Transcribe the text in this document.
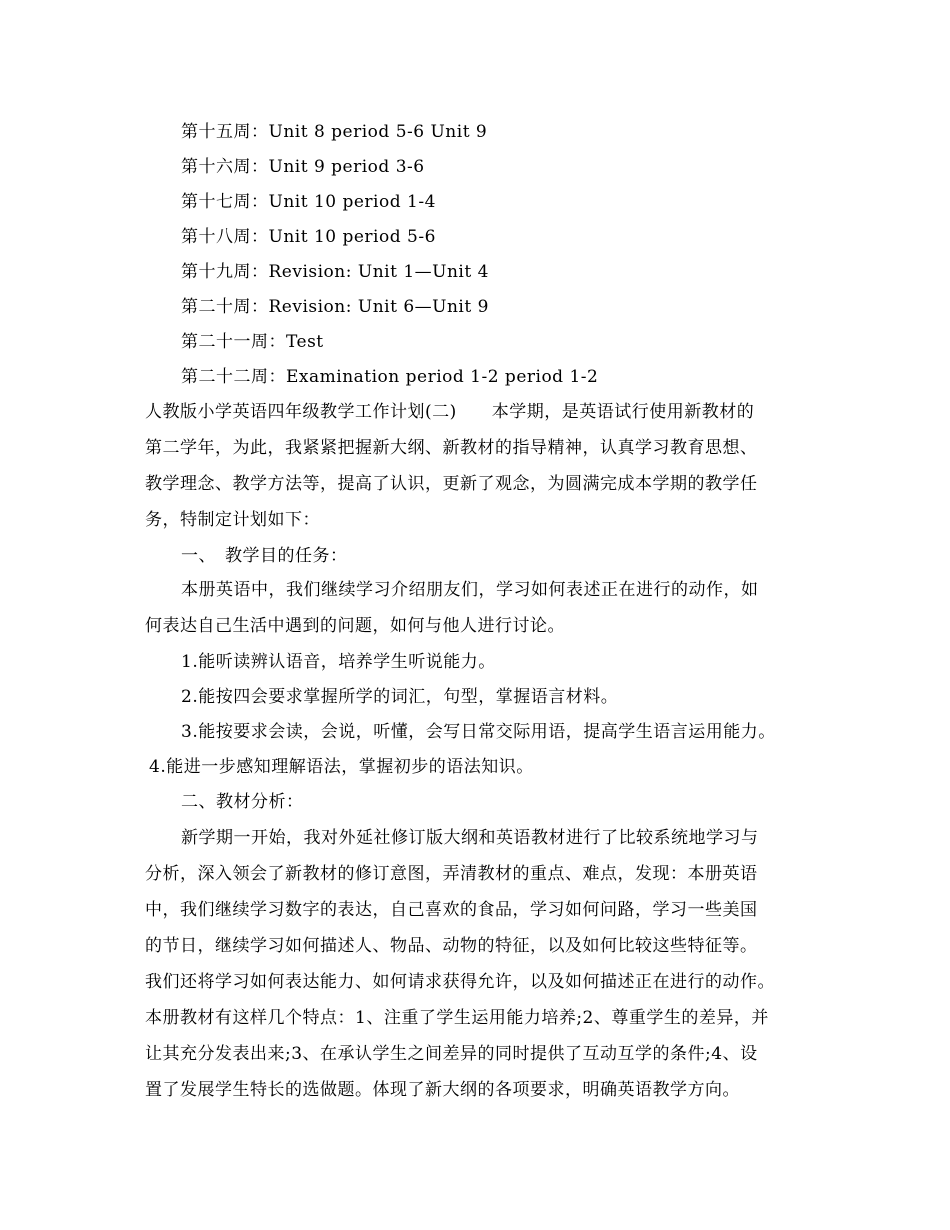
第十五周：Unit 8 period 5-6 Unit 9
第十六周：Unit 9 period 3-6
第十七周：Unit 10 period 1-4
第十八周：Unit 10 period 5-6
第十九周：Revision: Unit 1—Unit 4
第二十周：Revision: Unit 6—Unit 9
第二十一周：Test
第二十二周：Examination period 1-2 period 1-2
人教版小学英语四年级教学工作计划(二)　　本学期，是英语试行使用新教材的
第二学年，为此，我紧紧把握新大纲、新教材的指导精神，认真学习教育思想、
教学理念、教学方法等，提高了认识，更新了观念，为圆满完成本学期的教学任
务，特制定计划如下：
一、　教学目的任务：
本册英语中，我们继续学习介绍朋友们，学习如何表述正在进行的动作，如
何表达自己生活中遇到的问题，如何与他人进行讨论。
1.能听读辨认语音，培养学生听说能力。
2.能按四会要求掌握所学的词汇，句型，掌握语言材料。
3.能按要求会读，会说，听懂，会写日常交际用语，提高学生语言运用能力。
4.能进一步感知理解语法，掌握初步的语法知识。
二、教材分析：
新学期一开始，我对外延社修订版大纲和英语教材进行了比较系统地学习与
分析，深入领会了新教材的修订意图，弄清教材的重点、难点，发现：本册英语
中，我们继续学习数字的表达，自己喜欢的食品，学习如何问路，学习一些美国
的节日，继续学习如何描述人、物品、动物的特征，以及如何比较这些特征等。
我们还将学习如何表达能力、如何请求获得允许，以及如何描述正在进行的动作。
本册教材有这样几个特点：1、注重了学生运用能力培养;2、尊重学生的差异，并
让其充分发表出来;3、在承认学生之间差异的同时提供了互动互学的条件;4、设
置了发展学生特长的选做题。体现了新大纲的各项要求，明确英语教学方向。
